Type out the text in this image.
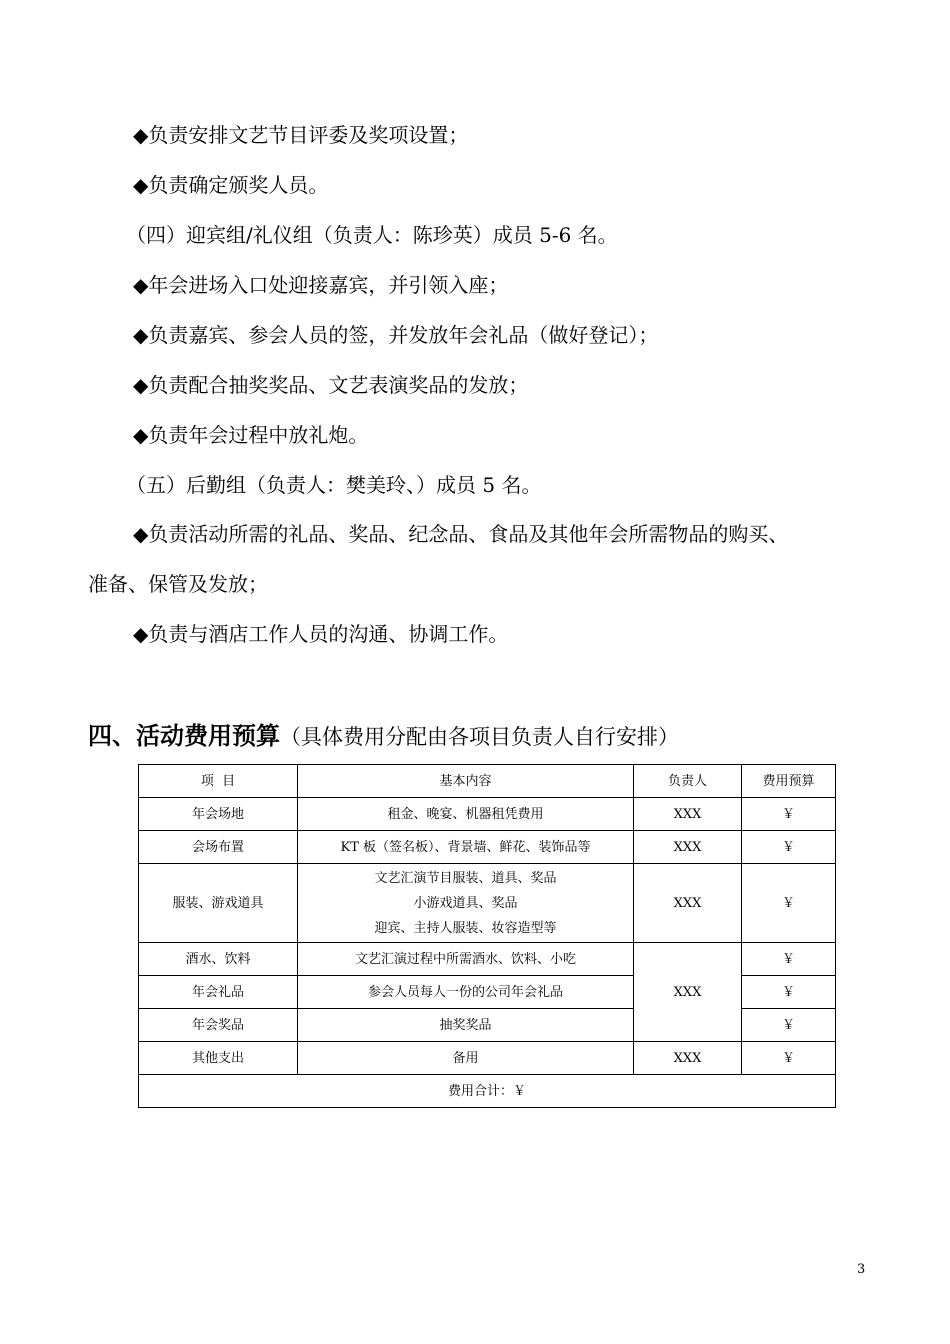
◆负责安排文艺节目评委及奖项设置；
◆负责确定颁奖人员。
（四）迎宾组/礼仪组（负责人：陈珍英）成员 5-6 名。
◆年会进场入口处迎接嘉宾，并引领入座；
◆负责嘉宾、参会人员的签，并发放年会礼品（做好登记）；
◆负责配合抽奖奖品、文艺表演奖品的发放；
◆负责年会过程中放礼炮。
（五）后勤组（负责人：樊美玲、）成员 5 名。
◆负责活动所需的礼品、奖品、纪念品、食品及其他年会所需物品的购买、
准备、保管及发放；
◆负责与酒店工作人员的沟通、协调工作。
四、活动费用预算（具体费用分配由各项目负责人自行安排）
项  目	基本内容	负责人	费用预算
年会场地	租金、晚宴、机器租凭费用	XXX	￥
会场布置	KT 板（签名板）、背景墙、鲜花、装饰品等	XXX	￥
服装、游戏道具	文艺汇演节目服装、道具、奖品
小游戏道具、奖品
迎宾、主持人服装、妆容造型等	XXX	￥
酒水、饮料	文艺汇演过程中所需酒水、饮料、小吃	XXX	￥
年会礼品	参会人员每人一份的公司年会礼品		￥
年会奖品	抽奖奖品		￥
其他支出	备用	XXX	￥
费用合计：￥			
3
